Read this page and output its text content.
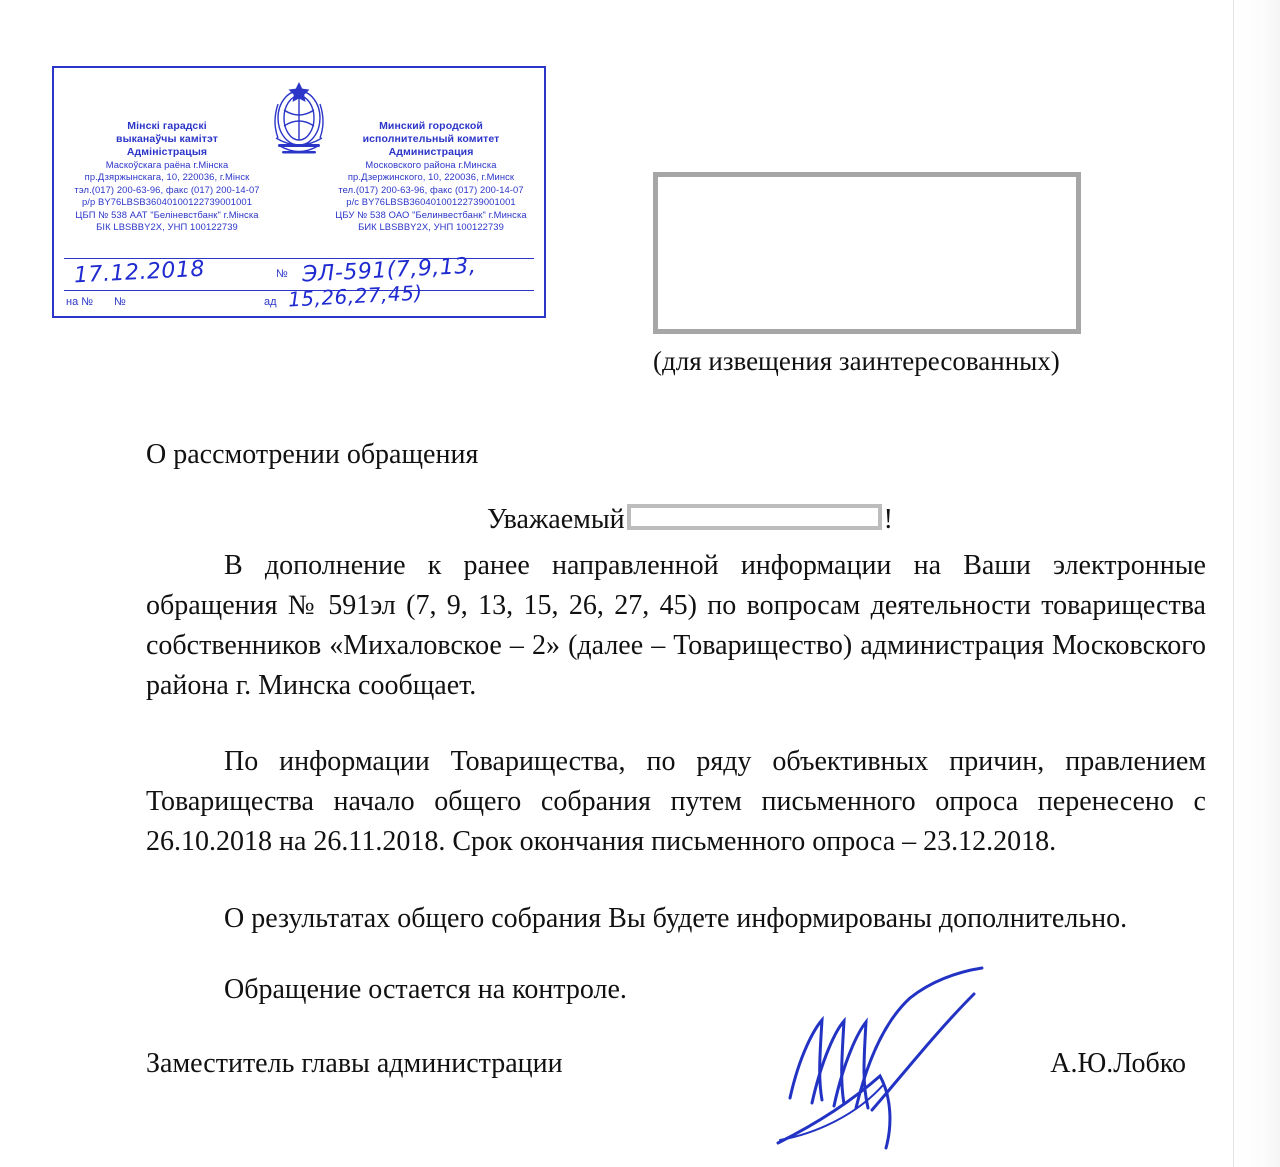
Мінскі гарадскі
выканаўчы камітэт
Адміністрацыя
Маскоўскага раёна г.Мінска
пр.Дзяржынскага, 10, 220036, г.Мінск
тэл.(017) 200-63-96, факс (017) 200-14-07
р/р BY76LBSB36040100122739001001
ЦБП № 538 ААТ "Беліневстбанк" г.Мінска
БІК LBSBBY2X, УНП 100122739
Минский городской
исполнительный комитет
Администрация
Московского района г.Минска
пр.Дзержинского, 10, 220036, г.Минск
тел.(017) 200-63-96, факс (017) 200-14-07
р/с BY76LBSB36040100122739001001
ЦБУ № 538 ОАО "Белинвестбанк" г.Минска
БИК LBSBBY2X, УНП 100122739
17.12.2018	№ ЭЛ-591(7,9,13,
на № №	ад 15,26,27,45)
(для извещения заинтересованных)
О рассмотрении обращения
Уважаемый	!
В дополнение к ранее направленной информации на Ваши электронные обращения № 591эл (7, 9, 13, 15, 26, 27, 45) по вопросам деятельности товарищества собственников «Михаловское – 2» (далее – Товарищество) администрация Московского района г. Минска сообщает.
По информации Товарищества, по ряду объективных причин, правлением Товарищества начало общего собрания путем письменного опроса перенесено с 26.10.2018 на 26.11.2018. Срок окончания письменного опроса – 23.12.2018.
О результатах общего собрания Вы будете информированы дополнительно.
Обращение остается на контроле.
Заместитель главы администрации	А.Ю.Лобко
